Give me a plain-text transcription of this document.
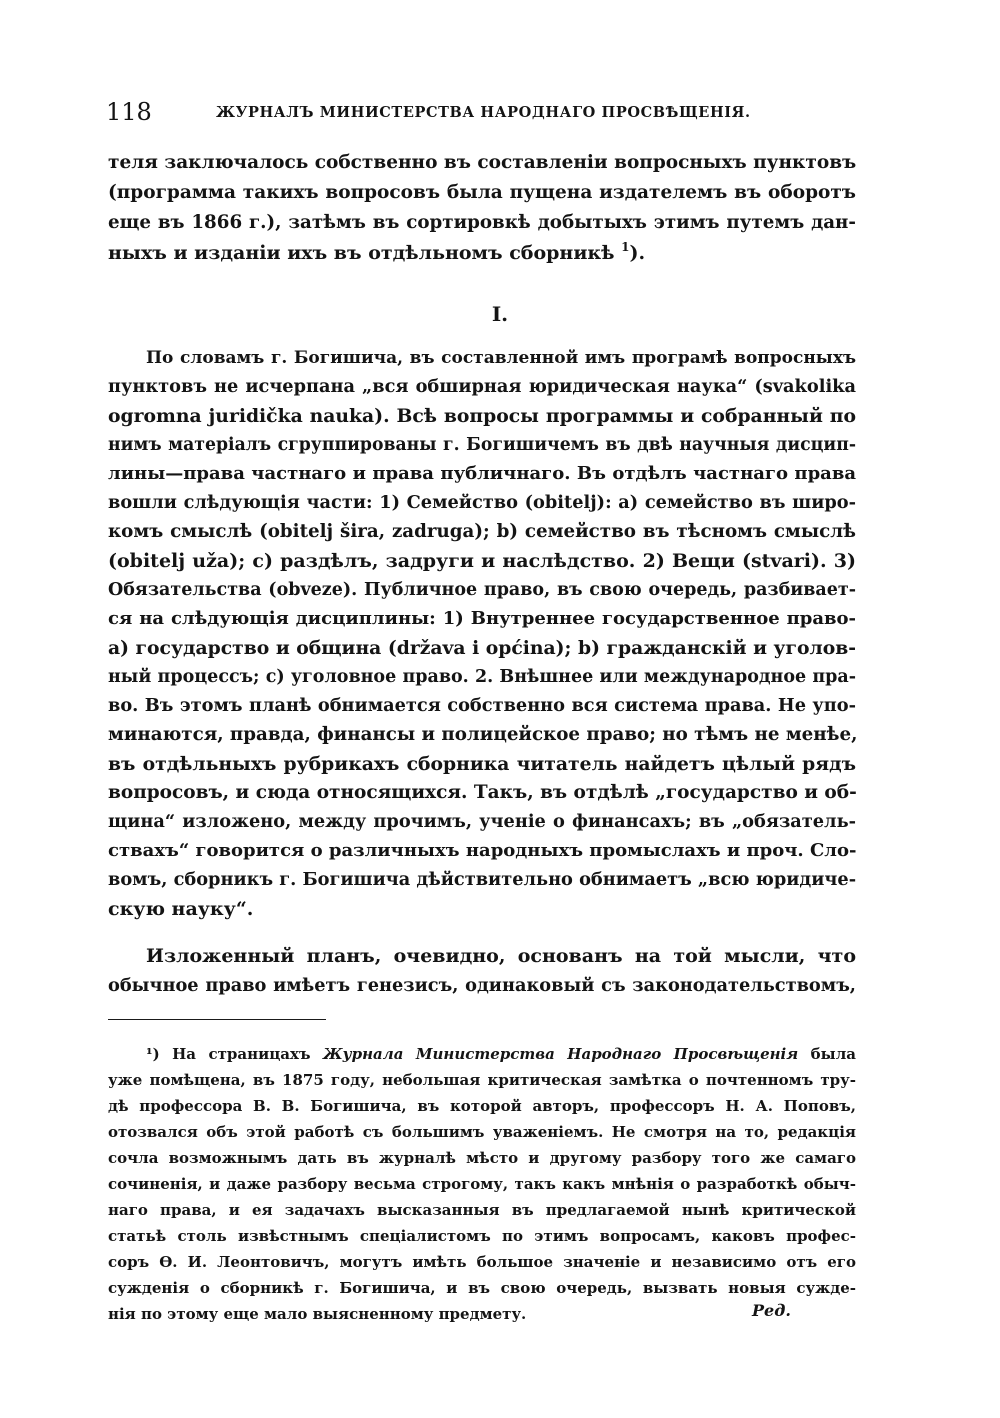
118	ЖУРНАЛЪ МИНИСТЕРСТВА НАРОДНАГО ПРОСВѢЩЕНІЯ.
теля заключалось собственно въ составленіи вопросныхъ пунктовъ
(программа такихъ вопросовъ была пущена издателемъ въ оборотъ
еще въ 1866 г.), затѣмъ въ сортировкѣ добытыхъ этимъ путемъ дан-
ныхъ и изданіи ихъ въ отдѣльномъ сборникѣ $^1$).
I.
По словамъ г. Богишича, въ составленной имъ програмѣ вопросныхъ
пунктовъ не исчерпана „вся обширная юридическая наука“ (svakolika
ogromna juridička nauka). Всѣ вопросы программы и собранный по
нимъ матеріалъ сгруппированы г. Богишичемъ въ двѣ научныя дисцип-
лины—права частнаго и права публичнаго. Въ отдѣлъ частнаго права
вошли слѣдующія части: 1) Семейство (obitelj): а) семейство въ широ-
комъ смыслѣ (obitelj šira, zadruga); b) семейство въ тѣсномъ смыслѣ
(obitelj uža); c) раздѣлъ, задруги и наслѣдство. 2) Вещи (stvari). 3)
Обязательства (obveze). Публичное право, въ свою очередь, разбивает-
ся на слѣдующія дисциплины: 1) Внутреннее государственное право-
а) государство и община (država i općina); b) гражданскій и уголов-
ный процессъ; с) уголовное право. 2. Внѣшнее или международное пра-
во. Въ этомъ планѣ обнимается собственно вся система права. Не упо-
минаются, правда, финансы и полицейское право; но тѣмъ не менѣе,
въ отдѣльныхъ рубрикахъ сборника читатель найдетъ цѣлый рядъ
вопросовъ, и сюда относящихся. Такъ, въ отдѣлѣ „государство и об-
щина“ изложено, между прочимъ, ученіе о финансахъ; въ „обязатель-
ствахъ“ говорится о различныхъ народныхъ промыслахъ и проч. Сло-
вомъ, сборникъ г. Богишича дѣйствительно обнимаетъ „всю юридиче-
скую науку“.
Изложенный планъ, очевидно, основанъ на той мысли, что
обычное право имѣетъ генезисъ, одинаковый съ законодательствомъ,
¹) На страницахъ Журнала Министерства Народнаго Просвѣщенія была
уже помѣщена, въ 1875 году, небольшая критическая замѣтка о почтенномъ тру-
дѣ профессора В. В. Богишича, въ которой авторъ, профессоръ Н. А. Поповъ,
отозвался объ этой работѣ съ большимъ уваженіемъ. Не смотря на то, редакція
сочла возможнымъ дать въ журналѣ мѣсто и другому разбору того же самаго
сочиненія, и даже разбору весьма строгому, такъ какъ мнѣнія о разработкѣ обыч-
наго права, и ея задачахъ высказанныя въ предлагаемой нынѣ критической
статьѣ столь извѣстнымъ спеціалистомъ по этимъ вопросамъ, каковъ профес-
соръ Ѳ. И. Леонтовичъ, могутъ имѣть большое значеніе и независимо отъ его
сужденія о сборникѣ г. Богишича, и въ свою очередь, вызвать новыя сужде-
нія по этому еще мало выясненному предмету.	Ред.
